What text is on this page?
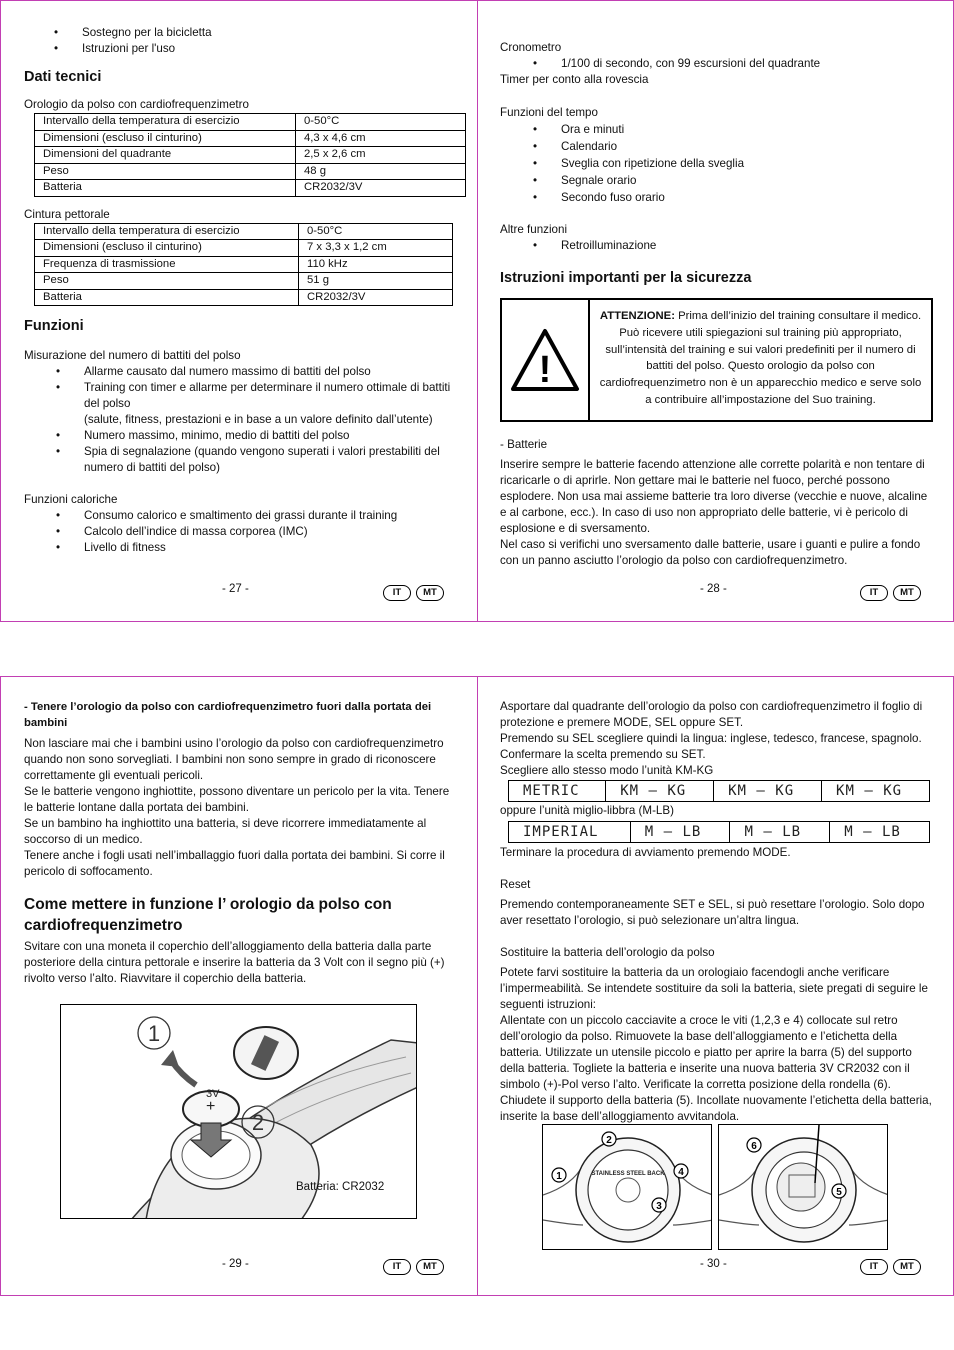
• Sostegno per la bicicletta
• Istruzioni per l'uso
Dati tecnici

Orologio da polso con cardiofrequenzimetro

Intervallo della temperatura di esercizio	0-50°C
Dimensioni (escluso il cinturino)	4,3 x 4,6 cm
Dimensioni del quadrante	2,5 x 2,6 cm
Peso	48 g
Batteria	CR2032/3V

Cintura pettorale

Intervallo della temperatura di esercizio	0-50°C
Dimensioni (escluso il cinturino)	7 x 3,3 x 1,2 cm
Frequenza di trasmissione	110 kHz
Peso	51 g
Batteria	CR2032/3V
Funzioni

Misurazione del numero di battiti del polso

• Allarme causato dal numero massimo di battiti del polso
• Training con timer e allarme per determinare il numero ottimale di battiti del polso
(salute, fitness, prestazioni e in base a un valore definito dall’utente)
• Numero massimo, minimo, medio di battiti del polso
• Spia di segnalazione (quando vengono superati i valori prestabiliti del numero di battiti del polso)

Funzioni caloriche

• Consumo calorico e smaltimento dei grassi durante il training
• Calcolo dell’indice di massa corporea (IMC)
• Livello di fitness
- 27 -	IT	MT

Cronometro

• 1/100 di secondo, con 99 escursioni del quadrante

Timer per conto alla rovescia

Funzioni del tempo

• Ora e minuti
• Calendario
• Sveglia con ripetizione della sveglia
• Segnale orario
• Secondo fuso orario

Altre funzioni

• Retroilluminazione
Istruzioni importanti per la sicurezza
!
ATTENZIONE: Prima dell’inizio del training consultare il medico. Può ricevere utili spiegazioni sul training più appropriato, sull’intensità del training e sui valori predefiniti per il numero di battiti del polso. Questo orologio da polso con cardiofrequenzimetro non è un apparecchio medico e serve solo a contribuire all’impostazione del Suo training.

- Batterie

Inserire sempre le batterie facendo attenzione alle corrette polarità e non tentare di ricaricarle o di aprirle. Non gettare mai le batterie nel fuoco, perché possono esplodere. Non usa mai assieme batterie tra loro diverse (vecchie e nuove, alcaline e al carbone, ecc.). In caso di uso non appropriato delle batterie, vi è pericolo di esplosione e di sversamento.
Nel caso si verifichi uno sversamento dalle batterie, usare i guanti e pulire a fondo con un panno asciutto l’orologio da polso con cardiofrequenzimetro.

- 28 -	IT	MT

- Tenere l’orologio da polso con cardiofrequenzimetro fuori dalla portata dei bambini

Non lasciare mai che i bambini usino l’orologio da polso con cardiofrequenzimetro quando non sono sorvegliati. I bambini non sono sempre in grado di riconoscere correttamente gli eventuali pericoli.
Se le batterie vengono inghiottite, possono diventare un pericolo per la vita. Tenere le batterie lontane dalla portata dei bambini.
Se un bambino ha inghiottito una batteria, si deve ricorrere immediatamente al soccorso di un medico.
Tenere anche i fogli usati nell’imballaggio fuori dalla portata dei bambini. Si corre il pericolo di soffocamento.

Come mettere in funzione l’ orologio da polso con cardiofrequenzimetro

Svitare con una moneta il coperchio dell’alloggiamento della batteria dalla parte posteriore della cintura pettorale e inserire la batteria da 3 Volt con il segno più (+) rivolto verso l’alto. Riavvitare il coperchio della batteria.

3V
+
1
2
Batteria: CR2032
- 29 -	IT	MT

Asportare dal quadrante dell’orologio da polso con cardiofrequenzimetro il foglio di protezione e premere MODE, SEL oppure SET.
Premendo su SEL scegliere quindi la lingua: inglese, tedesco, francese, spagnolo. Confermare la scelta premendo su SET.
Scegliere allo stesso modo l’unità KM-KG

METRIC	KM – KG	KM – KG	KM – KG

oppure l’unità miglio-libbra (M-LB)

IMPERIAL	M – LB	M – LB	M – LB

Terminare la procedura di avviamento premendo MODE.

Reset

Premendo contemporaneamente SET e SEL, si può resettare l’orologio. Solo dopo aver resettato l’orologio, si può selezionare un’altra lingua.

Sostituire la batteria dell’orologio da polso

Potete farvi sostituire la batteria da un orologiaio facendogli anche verificare l’impermeabilità. Se intendete sostituire da soli la batteria, siete pregati di seguire le seguenti istruzioni:
Allentate con un piccolo cacciavite a croce le viti (1,2,3 e 4) collocate sul retro dell’orologio da polso. Rimuovete la base dell’alloggiamento e l’etichetta della batteria. Utilizzate un utensile piccolo e piatto per aprire la barra (5) del supporto della batteria. Togliete la batteria e inserite una nuova batteria 3V CR2032 con il simbolo (+)-Pol verso l’alto. Verificate la corretta posizione della rondella (6).
Chiudete il supporto della batteria (5). Incollate nuovamente l’etichetta della batteria, inserite la base dell’alloggiamento avvitandola.

STAINLESS STEEL BACK
2
1	4
3
6
5
- 30 -	IT	MT
